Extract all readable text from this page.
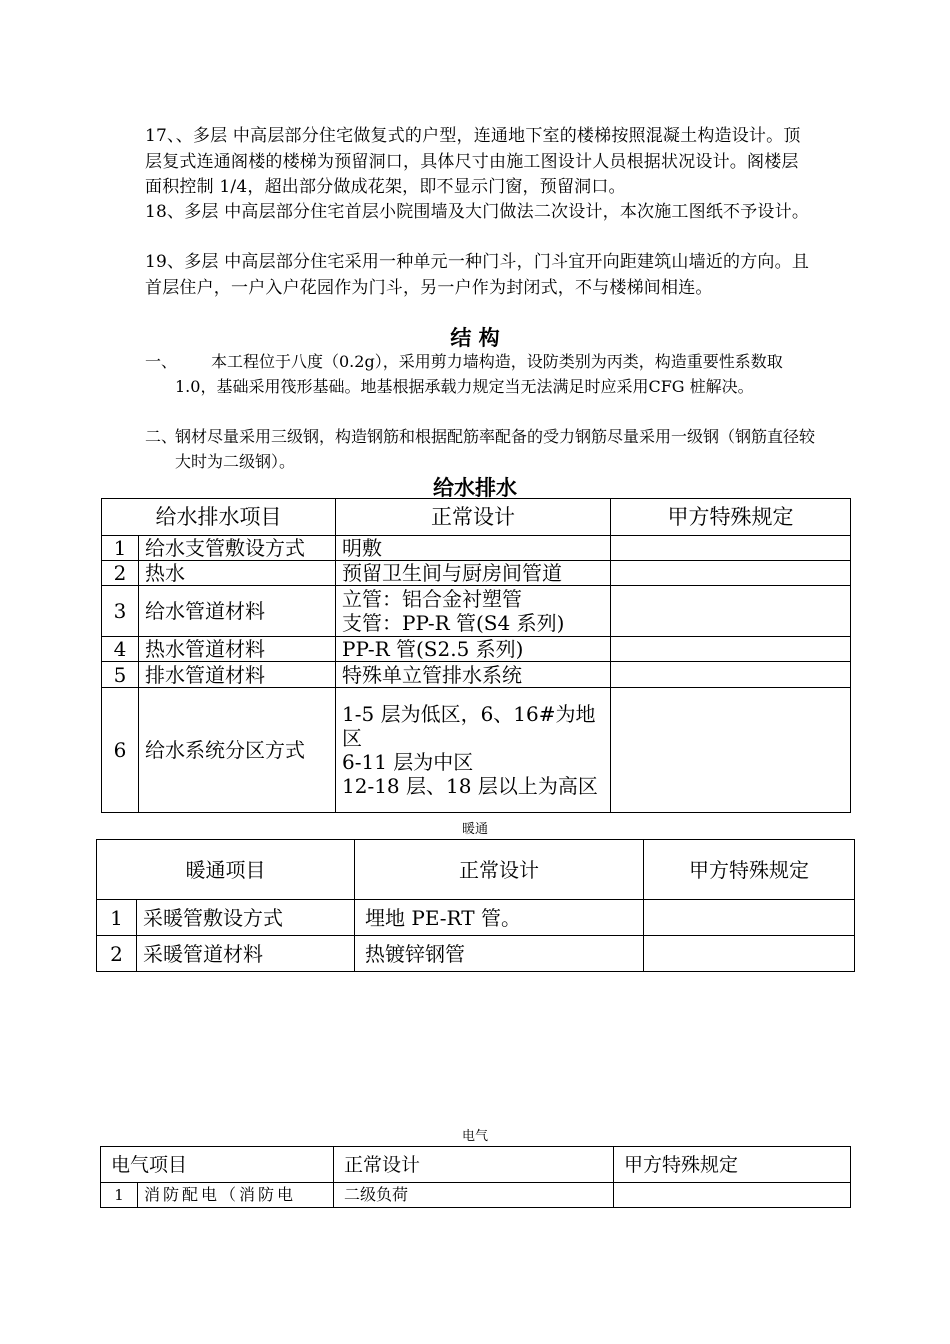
17、、多层 中高层部分住宅做复式的户型，连通地下室的楼梯按照混凝土构造设计。顶层复式连通阁楼的楼梯为预留洞口，具体尺寸由施工图设计人员根据状况设计。阁楼层面积控制 1/4，超出部分做成花架，即不显示门窗，预留洞口。

18、多层 中高层部分住宅首层小院围墙及大门做法二次设计，本次施工图纸不予设计。

19、多层 中高层部分住宅采用一种单元一种门斗，门斗宜开向距建筑山墙近的方向。且首层住户，一户入户花园作为门斗，另一户作为封闭式，不与楼梯间相连。

结 构
一、	本工程位于八度（0.2g），采用剪力墙构造，设防类别为丙类，构造重要性系数取 1.0，基础采用筏形基础。地基根据承载力规定当无法满足时应采用CFG 桩解决。
二、
钢材尽量采用三级钢，构造钢筋和根据配筋率配备的受力钢筋尽量采用一级钢（钢筋直径较大时为二级钢）。
给水排水
给水排水项目		正常设计	甲方特殊规定
1	给水支管敷设方式	明敷	
2	热水	预留卫生间与厨房间管道	
3	给水管道材料	立管：铝合金衬塑管
支管：PP-R 管(S4 系列)	

4	热水管道材料	PP-R 管(S2.5 系列)	
5	排水管道材料	特殊单立管排水系统	
6	给水系统分区方式	1-5 层为低区，6、16#为地区
6-11 层为中区
12-18 层、18 层以上为高区	

暖通
暖通项目		正常设计	甲方特殊规定
1	采暖管敷设方式	埋地 PE-RT 管。	
2	采暖管道材料	热镀锌钢管	
电气
电气项目		正常设计	甲方特殊规定
1	消防配电（消防电	二级负荷	
